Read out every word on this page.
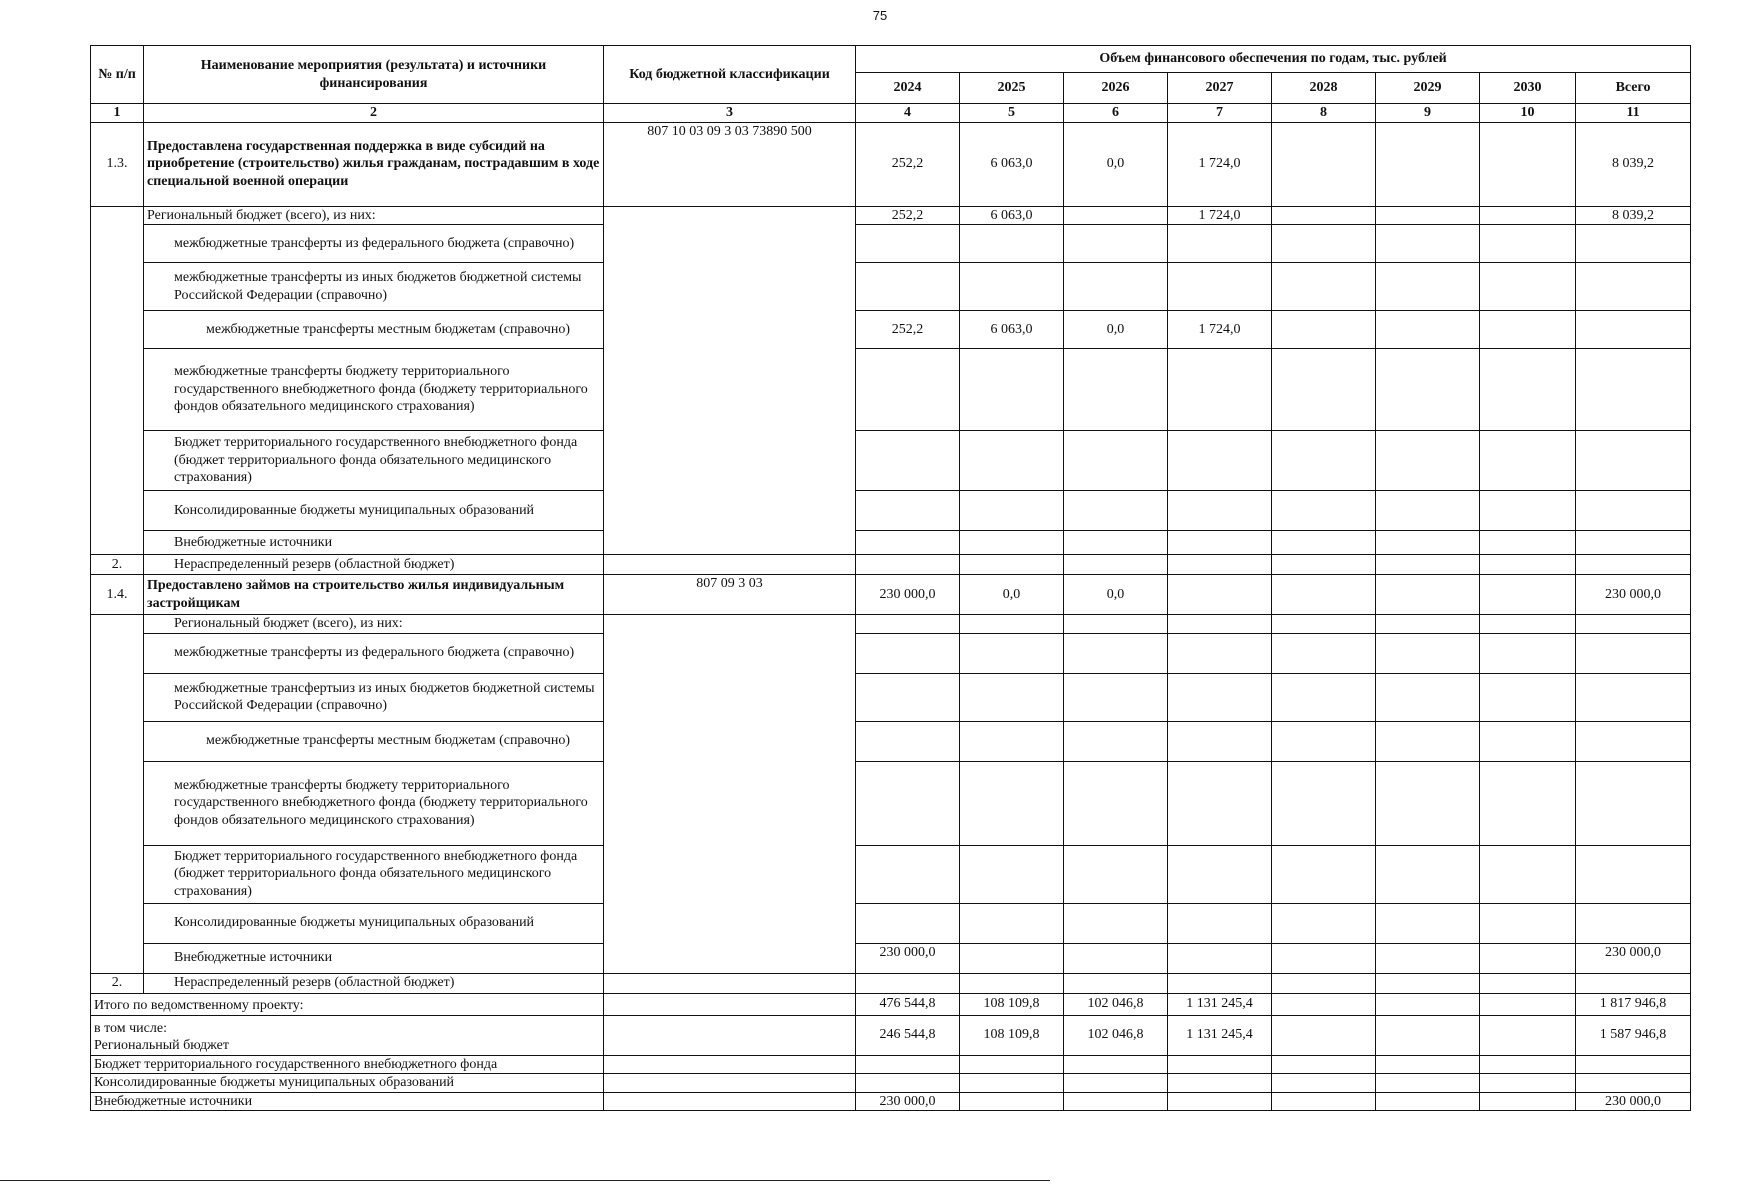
75
№ п/п	Наименование мероприятия (результата) и источники финансирования	Код бюджетной классификации	Объем финансового обеспечения по годам, тыс. рублей							
			2024	2025	2026	2027	2028	2029	2030	Всего
1	2	3	4	5	6	7	8	9	10	11
1.3.	Предоставлена государственная поддержка в виде субсидий на приобретение (строительство) жилья гражданам, пострадавшим в ходе специальной военной операции	807 10 03 09 3 03 73890 500	252,2	6 063,0	0,0	1 724,0				8 039,2
	Региональный бюджет (всего), из них:		252,2	6 063,0		1 724,0				8 039,2
	межбюджетные трансферты из федерального бюджета (справочно)									
	межбюджетные трансферты из иных бюджетов бюджетной системы Российской Федерации (справочно)									
	межбюджетные трансферты местным бюджетам (справочно)		252,2	6 063,0	0,0	1 724,0				
	межбюджетные трансферты бюджету территориального государственного внебюджетного фонда (бюджету территориального фондов обязательного медицинского страхования)									
	Бюджет территориального государственного внебюджетного фонда (бюджет территориального фонда обязательного медицинского страхования)									
	Консолидированные бюджеты муниципальных образований									
	Внебюджетные источники									
2.	Нераспределенный резерв (областной бюджет)									
1.4.	Предоставлено займов на строительство жилья индивидуальным застройщикам	807 09 3 03	230 000,0	0,0	0,0					230 000,0
	Региональный бюджет (всего), из них:									
	межбюджетные трансферты из федерального бюджета (справочно)									
	межбюджетные трансфертыиз из иных бюджетов бюджетной системы Российской Федерации (справочно)									
	межбюджетные трансферты местным бюджетам (справочно)									
	межбюджетные трансферты бюджету территориального государственного внебюджетного фонда (бюджету территориального фондов обязательного медицинского страхования)									
	Бюджет территориального государственного внебюджетного фонда (бюджет территориального фонда обязательного медицинского страхования)									
	Консолидированные бюджеты муниципальных образований									
	Внебюджетные источники		230 000,0							230 000,0
2.	Нераспределенный резерв (областной бюджет)									
Итого по ведомственному проекту:			476 544,8	108 109,8	102 046,8	1 131 245,4				1 817 946,8

в том числе:
Региональный бюджет			246 544,8	108 109,8	102 046,8	1 131 245,4				1 587 946,8
Бюджет территориального государственного внебюджетного фонда										
Консолидированные бюджеты муниципальных образований										
Внебюджетные источники			230 000,0							230 000,0
